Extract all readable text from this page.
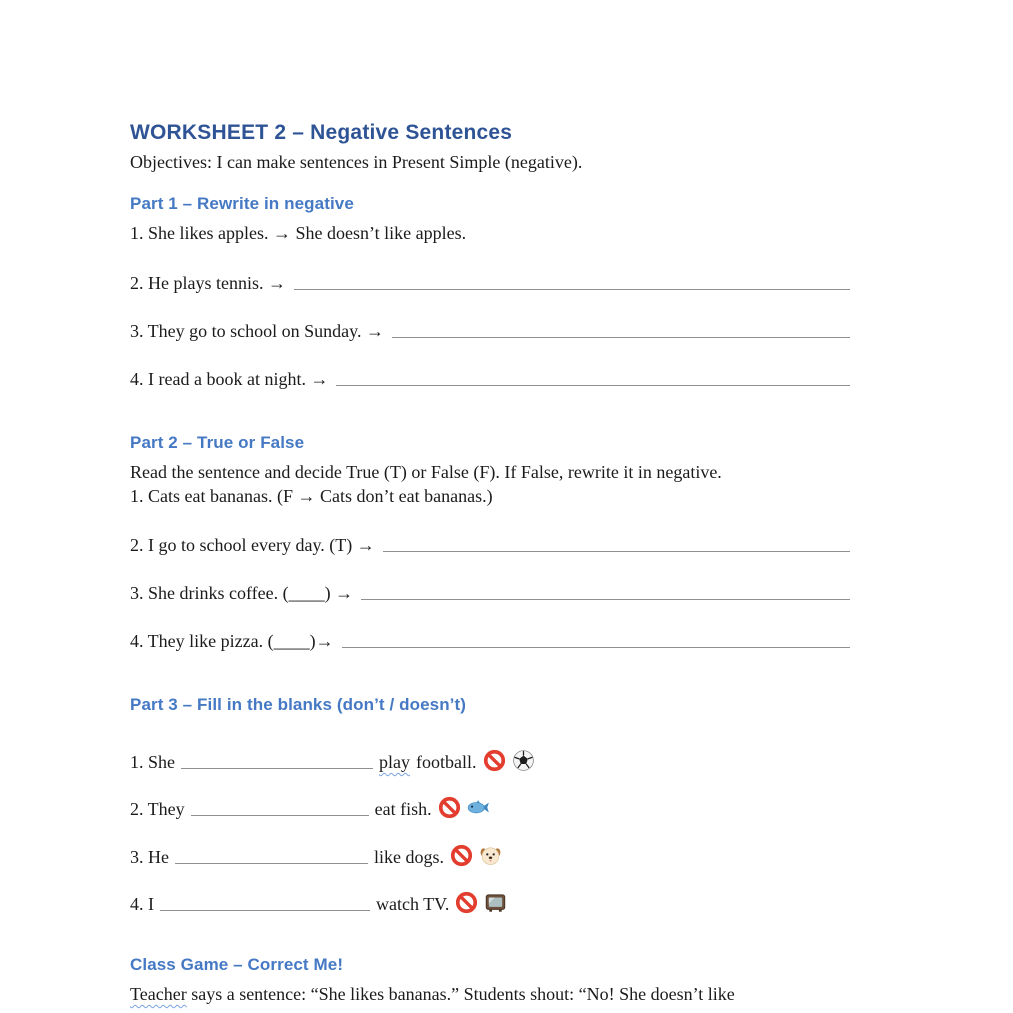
WORKSHEET 2 – Negative Sentences

Objectives: I can make sentences in Present Simple (negative).

Part 1 – Rewrite in negative

1. She likes apples. → She doesn’t like apples.

2. He plays tennis. →
3. They go to school on Sunday. →
4. I read a book at night. →
Part 2 – True or False

Read the sentence and decide True (T) or False (F). If False, rewrite it in negative.

1. Cats eat bananas. (F → Cats don’t eat bananas.)

2. I go to school every day. (T) →
3. She drinks coffee. (____) →
4. They like pizza. (____)→
Part 3 – Fill in the blanks (don’t / doesn’t)
1. She	play football.
2. They	eat fish.
3. He	like dogs.
4. I	watch TV.
Class Game – Correct Me!

Teacher says a sentence: “She likes bananas.” Students shout: “No! She doesn’t like
